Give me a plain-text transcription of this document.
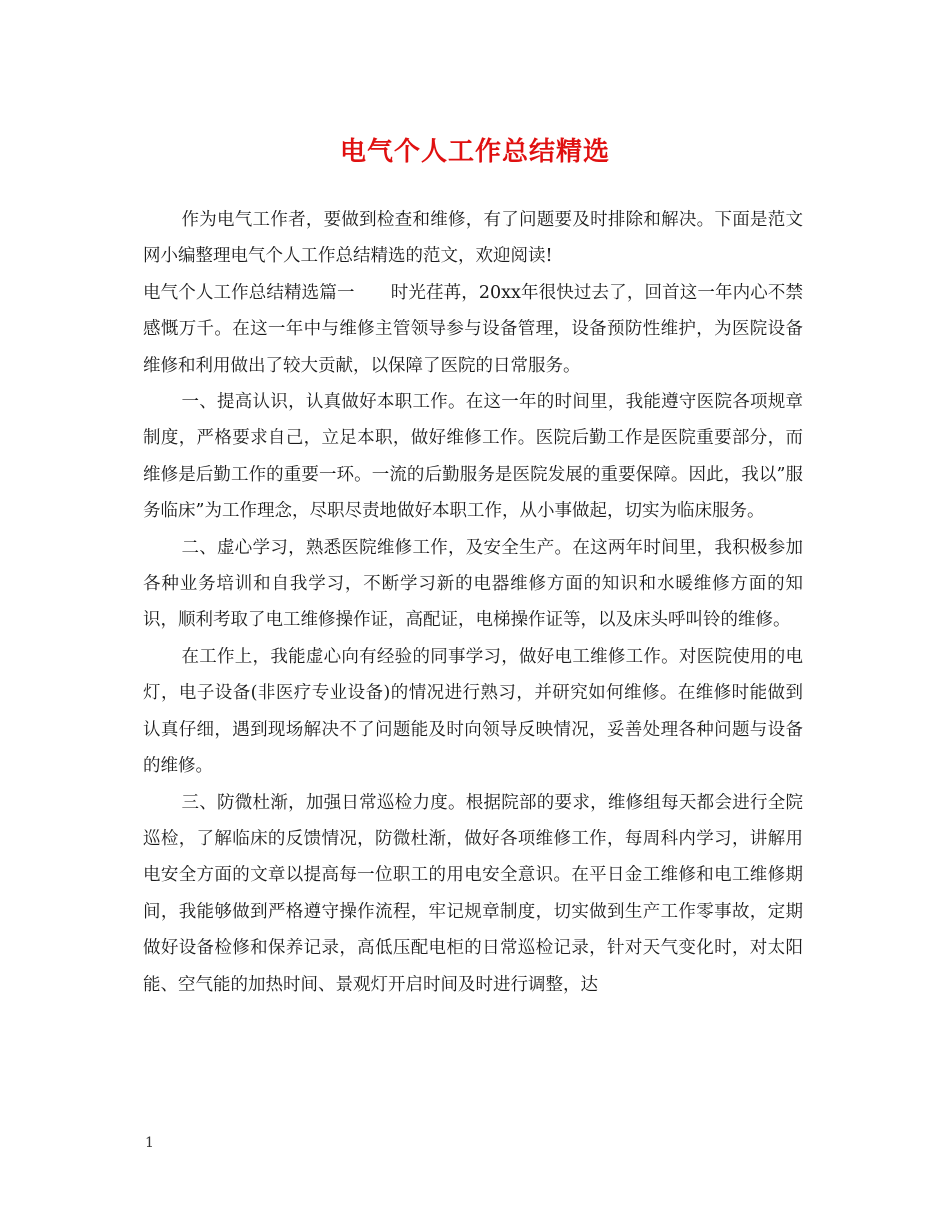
电气个人工作总结精选

作为电气工作者，要做到检查和维修，有了问题要及时排除和解决。下面是范文网小编整理电气个人工作总结精选的范文，欢迎阅读!

电气个人工作总结精选篇一 时光荏苒，20xx年很快过去了，回首这一年内心不禁感慨万千。在这一年中与维修主管领导参与设备管理，设备预防性维护，为医院设备维修和利用做出了较大贡献，以保障了医院的日常服务。

一、提高认识，认真做好本职工作。在这一年的时间里，我能遵守医院各项规章制度，严格要求自己，立足本职，做好维修工作。医院后勤工作是医院重要部分，而维修是后勤工作的重要一环。一流的后勤服务是医院发展的重要保障。因此，我以”服务临床”为工作理念，尽职尽责地做好本职工作，从小事做起，切实为临床服务。

二、虚心学习，熟悉医院维修工作，及安全生产。在这两年时间里，我积极参加各种业务培训和自我学习，不断学习新的电器维修方面的知识和水暖维修方面的知识，顺利考取了电工维修操作证，高配证，电梯操作证等，以及床头呼叫铃的维修。

在工作上，我能虚心向有经验的同事学习，做好电工维修工作。对医院使用的电灯，电子设备(非医疗专业设备)的情况进行熟习，并研究如何维修。在维修时能做到认真仔细，遇到现场解决不了问题能及时向领导反映情况，妥善处理各种问题与设备的维修。

三、防微杜渐，加强日常巡检力度。根据院部的要求，维修组每天都会进行全院巡检，了解临床的反馈情况，防微杜渐，做好各项维修工作，每周科内学习，讲解用电安全方面的文章以提高每一位职工的用电安全意识。在平日金工维修和电工维修期间，我能够做到严格遵守操作流程，牢记规章制度，切实做到生产工作零事故，定期做好设备检修和保养记录，高低压配电柜的日常巡检记录，针对天气变化时，对太阳能、空气能的加热时间、景观灯开启时间及时进行调整，达

1
